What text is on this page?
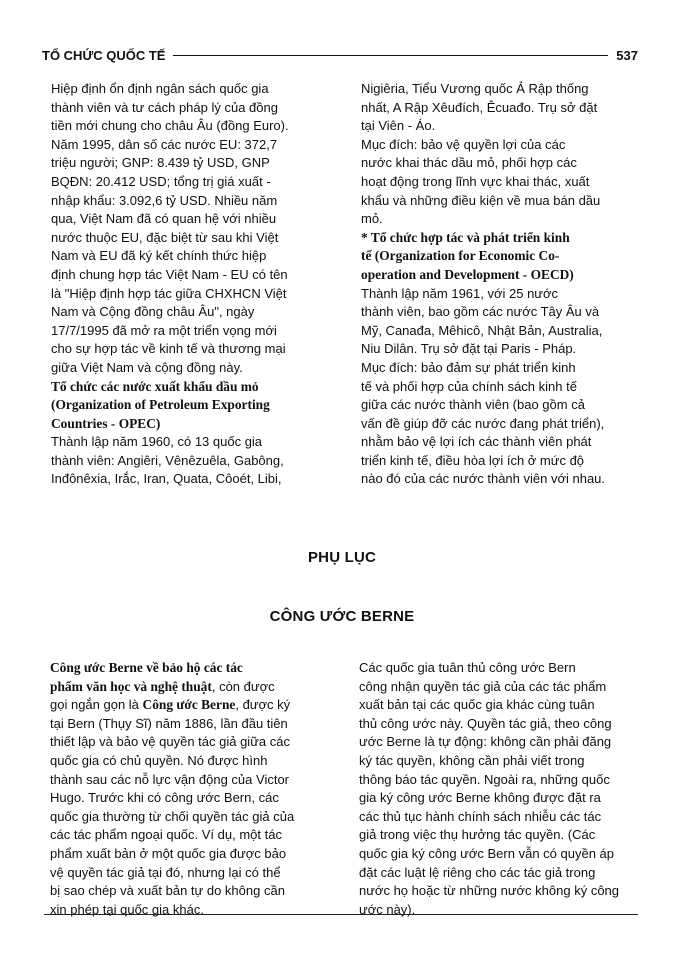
TỔ CHỨC QUỐC TẾ	537
Hiệp định ổn định ngân sách quốc gia
thành viên và tư cách pháp lý của đồng
tiền mới chung cho châu Âu (đồng Euro).
Năm 1995, dân số các nước EU: 372,7
triệu người; GNP: 8.439 tỷ USD, GNP
BQĐN: 20.412 USD; tổng trị giá xuất -
nhập khẩu: 3.092,6 tỷ USD. Nhiều năm
qua, Việt Nam đã có quan hệ với nhiều
nước thuộc EU, đặc biệt từ sau khi Việt
Nam và EU đã ký kết chính thức hiệp
định chung hợp tác Việt Nam - EU có tên
là "Hiệp định hợp tác giữa CHXHCN Việt
Nam và Cộng đồng châu Âu", ngày
17/7/1995 đã mở ra một triển vọng mới
cho sự hợp tác về kinh tế và thương mại
giữa Việt Nam và cộng đồng này.
Tổ chức các nước xuất khẩu dầu mỏ
(Organization of Petroleum Exporting
Countries - OPEC)
Thành lập năm 1960, có 13 quốc gia
thành viên: Angiêri, Vênêzuêla, Gabông,
Inđônêxia, Irắc, Iran, Quata, Côoét, Libi,
Nigiêria, Tiểu Vương quốc Ả Rập thống
nhất, A Rập Xêuđích, Êcuađo. Trụ sở đặt
tại Viên - Áo.
Mục đích: bảo vệ quyền lợi của các
nước khai thác dầu mỏ, phối hợp các
hoạt động trong lĩnh vực khai thác, xuất
khẩu và những điều kiện về mua bán dầu
mỏ.
* Tổ chức hợp tác và phát triển kinh
tế (Organization for Economic Co-
operation and Development - OECD)
Thành lập năm 1961, với 25 nước
thành viên, bao gồm các nước Tây Âu và
Mỹ, Canađa, Mêhicô, Nhật Bản, Australia,
Niu Dilân. Trụ sở đặt tại Paris - Pháp.
Mục đích: bảo đảm sự phát triển kinh
tế và phối hợp của chính sách kinh tế
giữa các nước thành viên (bao gồm cả
vấn đề giúp đỡ các nước đang phát triển),
nhằm bảo vệ lợi ích các thành viên phát
triển kinh tế, điều hòa lợi ích ở mức độ
nào đó của các nước thành viên với nhau.
PHỤ LỤC
CÔNG ƯỚC BERNE
Công ước Berne về bảo hộ các tác
phẩm văn học và nghệ thuật, còn được
gọi ngắn gọn là Công ước Berne, được ký
tại Bern (Thụy Sĩ) năm 1886, lần đầu tiên
thiết lập và bảo vệ quyền tác giả giữa các
quốc gia có chủ quyền. Nó được hình
thành sau các nỗ lực vận động của Victor
Hugo. Trước khi có công ước Bern, các
quốc gia thường từ chối quyền tác giả của
các tác phẩm ngoại quốc. Ví dụ, một tác
phẩm xuất bản ở một quốc gia được bảo
vệ quyền tác giả tại đó, nhưng lại có thể
bị sao chép và xuất bản tự do không cần
xin phép tại quốc gia khác.
Các quốc gia tuân thủ công ước Bern
công nhận quyền tác giả của các tác phẩm
xuất bản tại các quốc gia khác cùng tuân
thủ công ước này. Quyền tác giả, theo công
ước Berne là tự động: không cần phải đăng
ký tác quyền, không cần phải viết trong
thông báo tác quyền. Ngoài ra, những quốc
gia ký công ước Berne không được đặt ra
các thủ tục hành chính sách nhiễu các tác
giả trong việc thụ hưởng tác quyền. (Các
quốc gia ký công ước Bern vẫn có quyền áp
đặt các luật lệ riêng cho các tác giả trong
nước họ hoặc từ những nước không ký công
ước này).
